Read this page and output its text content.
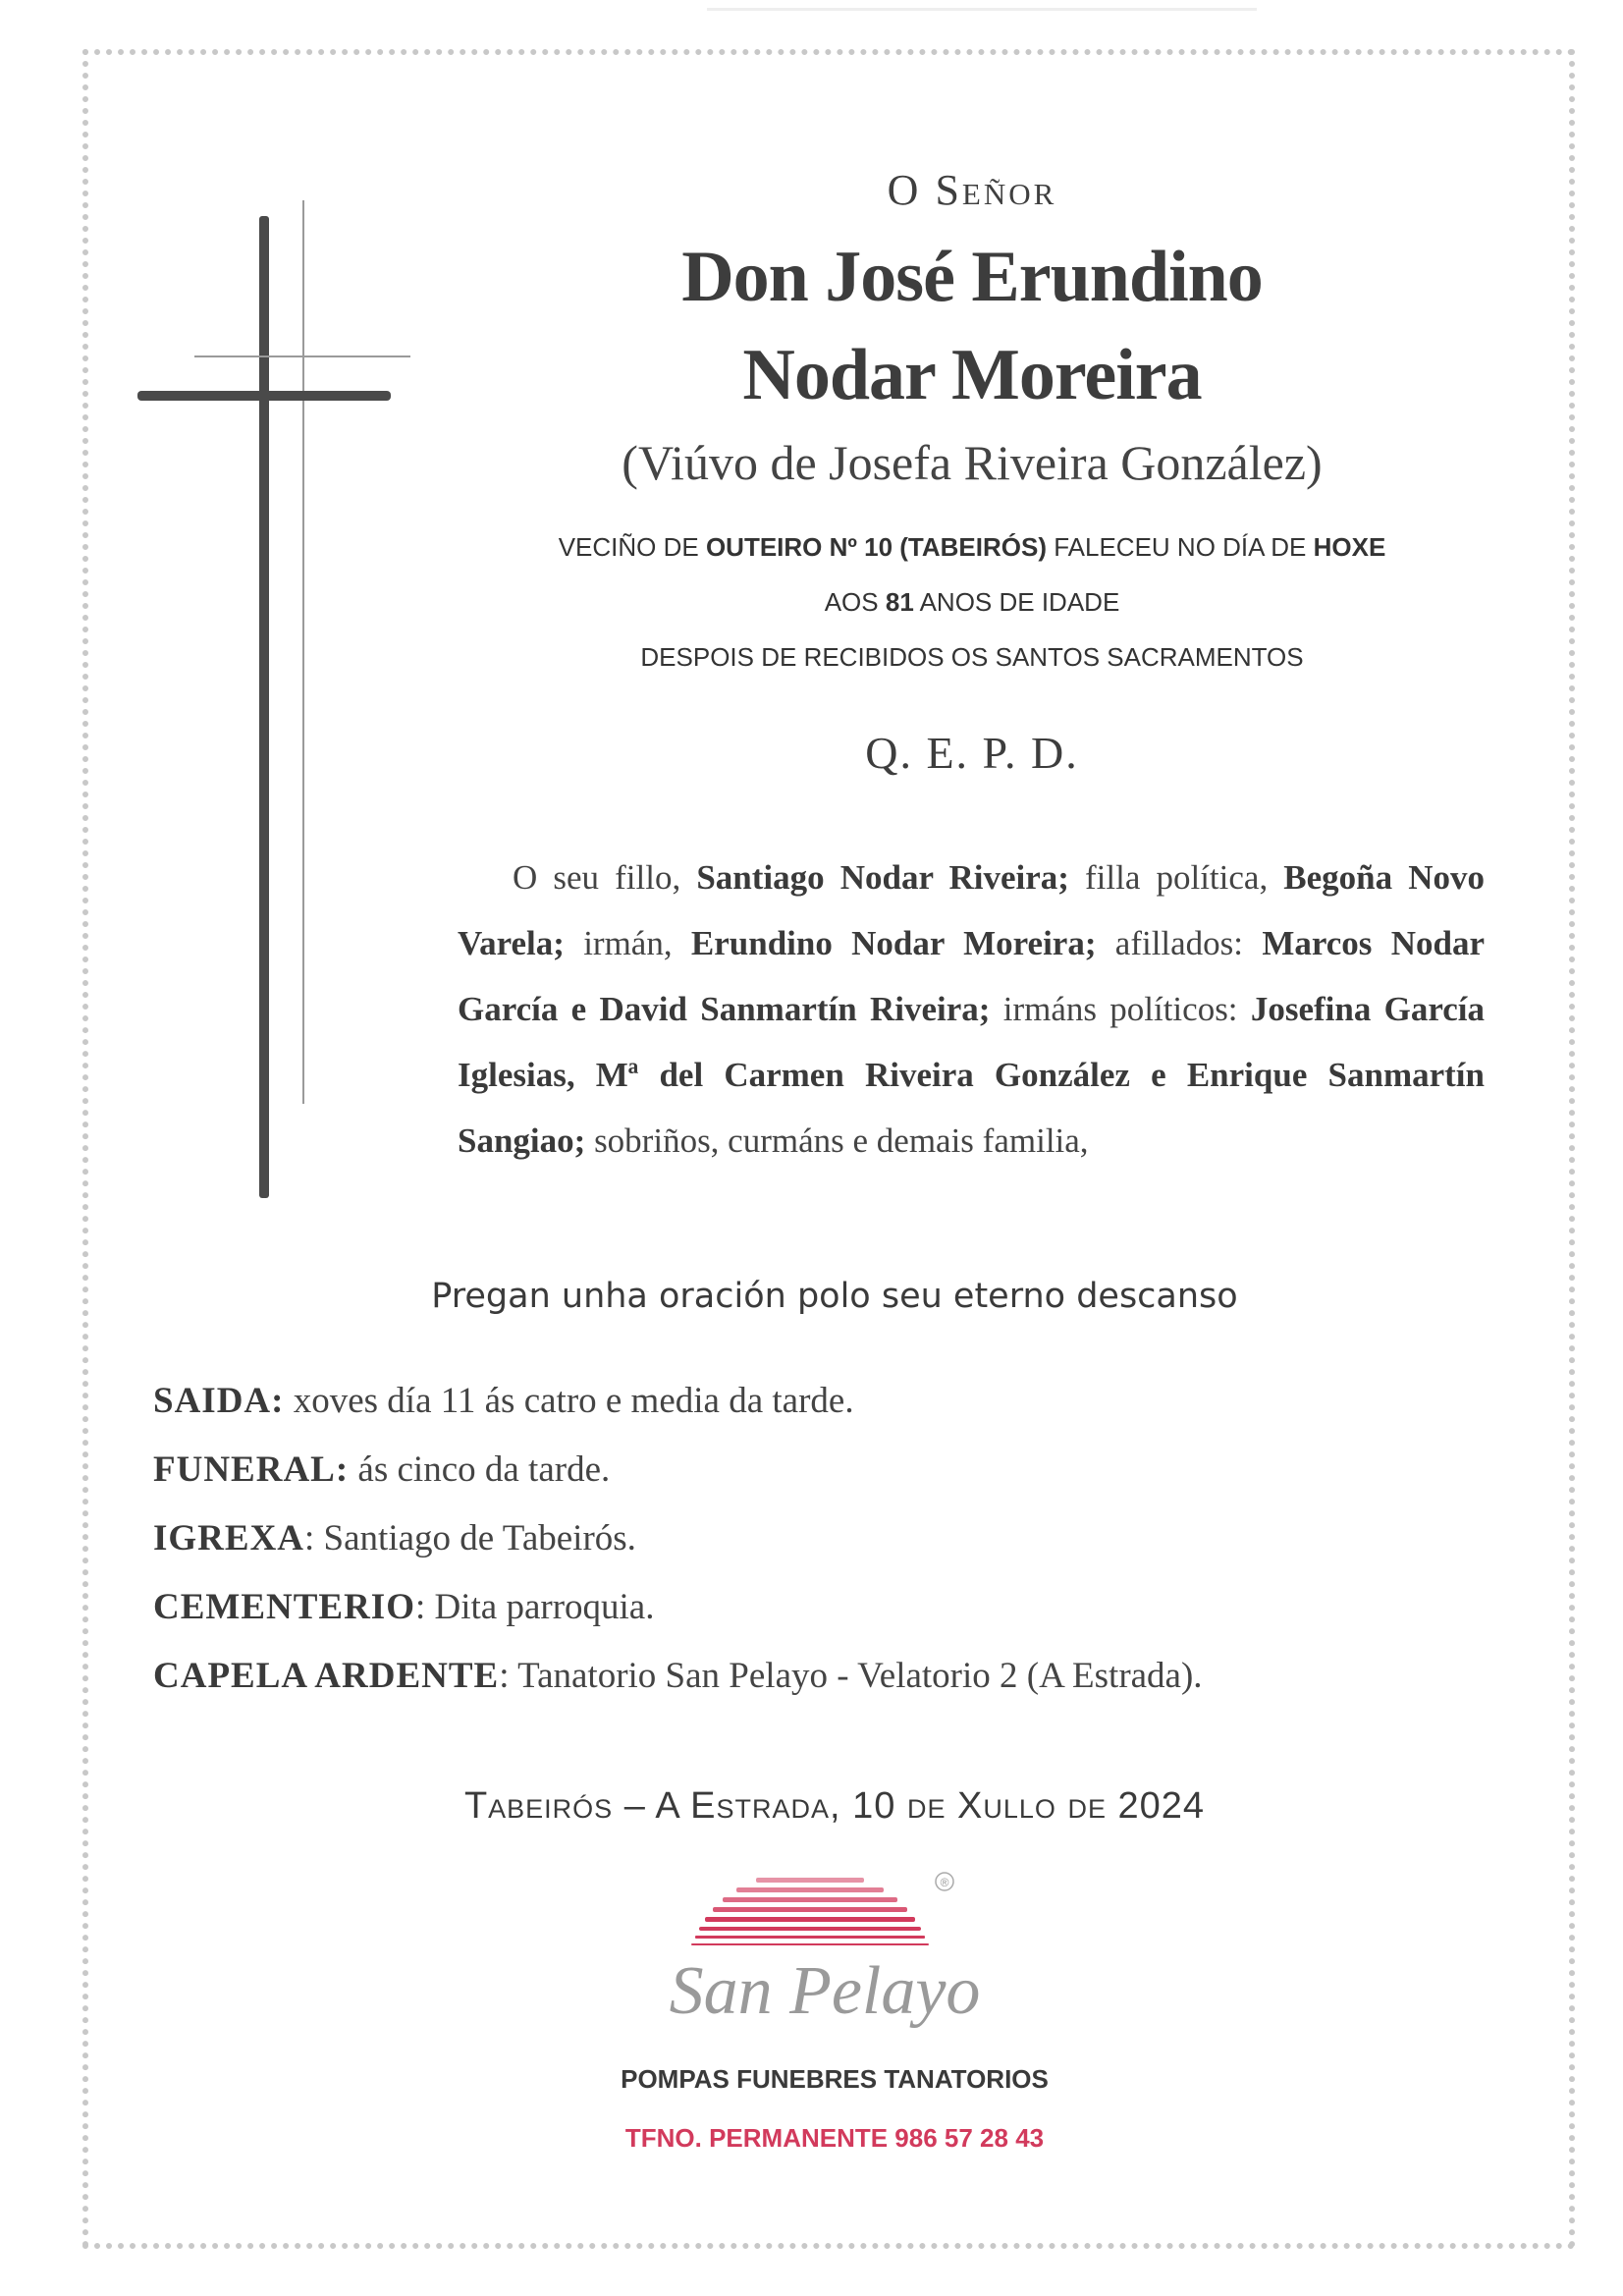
O Señor
Don José Erundino
Nodar Moreira
(Viúvo de Josefa Riveira González)
VECIÑO DE OUTEIRO Nº 10 (TABEIRÓS) FALECEU NO DÍA DE HOXE
AOS 81 ANOS DE IDADE
DESPOIS DE RECIBIDOS OS SANTOS SACRAMENTOS
Q. E. P. D.
O seu fillo, Santiago Nodar Riveira; filla política, Begoña Novo Varela; irmán, Erundino Nodar Moreira; afillados: Marcos Nodar García e David Sanmartín Riveira; irmáns políticos: Josefina García Iglesias, Mª del Carmen Riveira González e Enrique Sanmartín Sangiao; sobriños, curmáns e demais familia,
Pregan unha oración polo seu eterno descanso
SAIDA: xoves día 11 ás catro e media da tarde.
FUNERAL: ás cinco da tarde.
IGREXA: Santiago de Tabeirós.
CEMENTERIO: Dita parroquia.
CAPELA ARDENTE: Tanatorio San Pelayo - Velatorio 2 (A Estrada).
Tabeirós – A Estrada, 10 de Xullo de 2024
®
San Pelayo
POMPAS FUNEBRES TANATORIOS
TFNO. PERMANENTE 986 57 28 43
